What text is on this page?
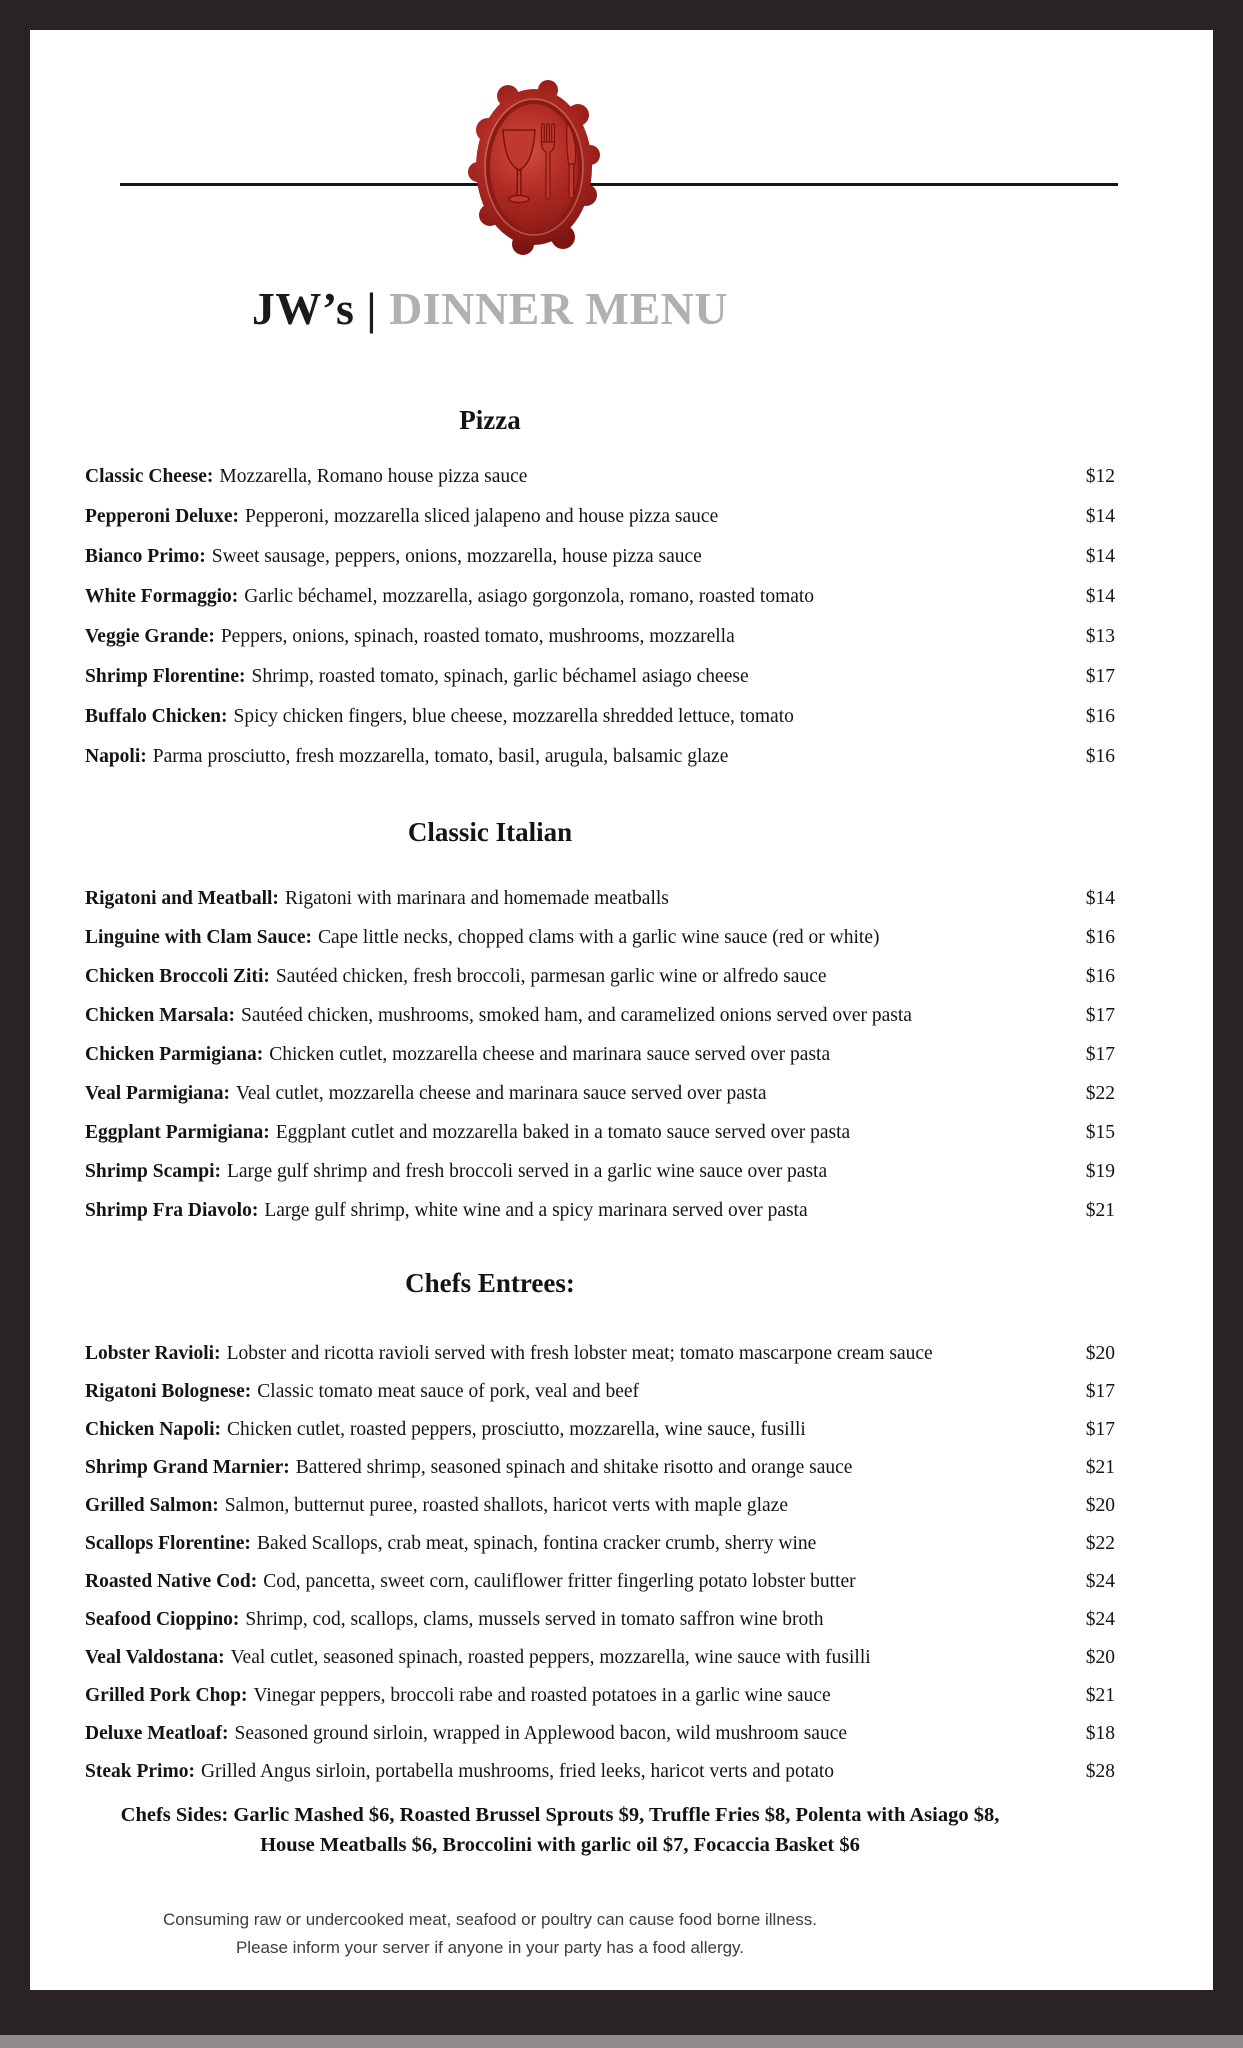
JW’s | DINNER MENU
Pizza
Classic Cheese: Mozzarella, Romano house pizza sauce	$12
Pepperoni Deluxe: Pepperoni, mozzarella sliced jalapeno and house pizza sauce	$14
Bianco Primo: Sweet sausage, peppers, onions, mozzarella, house pizza sauce	$14
White Formaggio: Garlic béchamel, mozzarella, asiago gorgonzola, romano, roasted tomato	$14
Veggie Grande: Peppers, onions, spinach, roasted tomato, mushrooms, mozzarella	$13
Shrimp Florentine: Shrimp, roasted tomato, spinach, garlic béchamel asiago cheese	$17
Buffalo Chicken: Spicy chicken fingers, blue cheese, mozzarella shredded lettuce, tomato	$16
Napoli: Parma prosciutto, fresh mozzarella, tomato, basil, arugula, balsamic glaze	$16
Classic Italian
Rigatoni and Meatball: Rigatoni with marinara and homemade meatballs	$14
Linguine with Clam Sauce: Cape little necks, chopped clams with a garlic wine sauce (red or white)	$16
Chicken Broccoli Ziti: Sautéed chicken, fresh broccoli, parmesan garlic wine or alfredo sauce	$16
Chicken Marsala: Sautéed chicken, mushrooms, smoked ham, and caramelized onions served over pasta	$17
Chicken Parmigiana: Chicken cutlet, mozzarella cheese and marinara sauce served over pasta	$17
Veal Parmigiana: Veal cutlet, mozzarella cheese and marinara sauce served over pasta	$22
Eggplant Parmigiana: Eggplant cutlet and mozzarella baked in a tomato sauce served over pasta	$15
Shrimp Scampi: Large gulf shrimp and fresh broccoli served in a garlic wine sauce over pasta	$19
Shrimp Fra Diavolo: Large gulf shrimp, white wine and a spicy marinara served over pasta	$21
Chefs Entrees:
Lobster Ravioli: Lobster and ricotta ravioli served with fresh lobster meat; tomato mascarpone cream sauce	$20
Rigatoni Bolognese: Classic tomato meat sauce of pork, veal and beef	$17
Chicken Napoli: Chicken cutlet, roasted peppers, prosciutto, mozzarella, wine sauce, fusilli	$17
Shrimp Grand Marnier: Battered shrimp, seasoned spinach and shitake risotto and orange sauce	$21
Grilled Salmon: Salmon, butternut puree, roasted shallots, haricot verts with maple glaze	$20
Scallops Florentine: Baked Scallops, crab meat, spinach, fontina cracker crumb, sherry wine	$22
Roasted Native Cod: Cod, pancetta, sweet corn, cauliflower fritter fingerling potato lobster butter	$24
Seafood Cioppino: Shrimp, cod, scallops, clams, mussels served in tomato saffron wine broth	$24
Veal Valdostana: Veal cutlet, seasoned spinach, roasted peppers, mozzarella, wine sauce with fusilli	$20
Grilled Pork Chop: Vinegar peppers, broccoli rabe and roasted potatoes in a garlic wine sauce	$21
Deluxe Meatloaf: Seasoned ground sirloin, wrapped in Applewood bacon, wild mushroom sauce	$18
Steak Primo: Grilled Angus sirloin, portabella mushrooms, fried leeks, haricot verts and potato	$28
Chefs Sides: Garlic Mashed $6, Roasted Brussel Sprouts $9, Truffle Fries $8, Polenta with Asiago $8,
House Meatballs $6, Broccolini with garlic oil $7, Focaccia Basket $6
Consuming raw or undercooked meat, seafood or poultry can cause food borne illness.
Please inform your server if anyone in your party has a food allergy.
